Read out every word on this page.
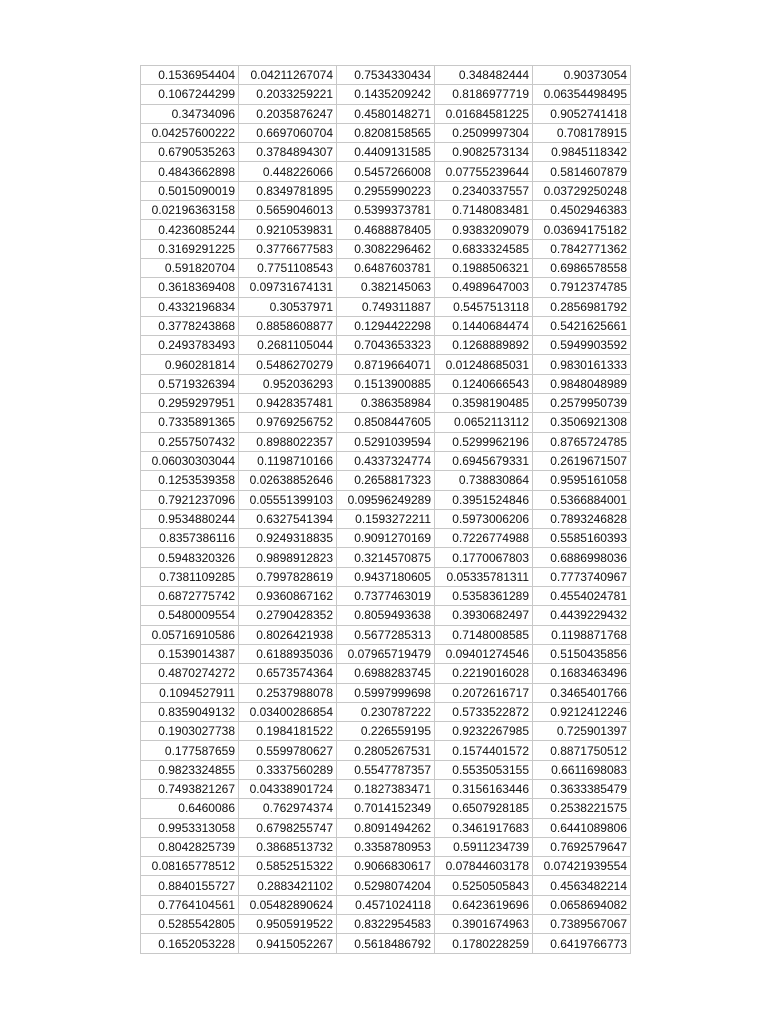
0.1536954404	0.04211267074	0.7534330434	0.348482444	0.90373054
0.1067244299	0.2033259221	0.1435209242	0.8186977719	0.06354498495
0.34734096	0.2035876247	0.4580148271	0.01684581225	0.9052741418
0.04257600222	0.6697060704	0.8208158565	0.2509997304	0.708178915
0.6790535263	0.3784894307	0.4409131585	0.9082573134	0.9845118342
0.4843662898	0.448226066	0.5457266008	0.07755239644	0.5814607879
0.5015090019	0.8349781895	0.2955990223	0.2340337557	0.03729250248
0.02196363158	0.5659046013	0.5399373781	0.7148083481	0.4502946383
0.4236085244	0.9210539831	0.4688878405	0.9383209079	0.03694175182
0.3169291225	0.3776677583	0.3082296462	0.6833324585	0.7842771362
0.591820704	0.7751108543	0.6487603781	0.1988506321	0.6986578558
0.3618369408	0.09731674131	0.382145063	0.4989647003	0.7912374785
0.4332196834	0.30537971	0.749311887	0.5457513118	0.2856981792
0.3778243868	0.8858608877	0.1294422298	0.1440684474	0.5421625661
0.2493783493	0.2681105044	0.7043653323	0.1268889892	0.5949903592
0.960281814	0.5486270279	0.8719664071	0.01248685031	0.9830161333
0.5719326394	0.952036293	0.1513900885	0.1240666543	0.9848048989
0.2959297951	0.9428357481	0.386358984	0.3598190485	0.2579950739
0.7335891365	0.9769256752	0.8508447605	0.0652113112	0.3506921308
0.2557507432	0.8988022357	0.5291039594	0.5299962196	0.8765724785
0.06030303044	0.1198710166	0.4337324774	0.6945679331	0.2619671507
0.1253539358	0.02638852646	0.2658817323	0.738830864	0.9595161058
0.7921237096	0.05551399103	0.09596249289	0.3951524846	0.5366884001
0.9534880244	0.6327541394	0.1593272211	0.5973006206	0.7893246828
0.8357386116	0.9249318835	0.9091270169	0.7226774988	0.5585160393
0.5948320326	0.9898912823	0.3214570875	0.1770067803	0.6886998036
0.7381109285	0.7997828619	0.9437180605	0.05335781311	0.7773740967
0.6872775742	0.9360867162	0.7377463019	0.5358361289	0.4554024781
0.5480009554	0.2790428352	0.8059493638	0.3930682497	0.4439229432
0.05716910586	0.8026421938	0.5677285313	0.7148008585	0.1198871768
0.1539014387	0.6188935036	0.07965719479	0.09401274546	0.5150435856
0.4870274272	0.6573574364	0.6988283745	0.2219016028	0.1683463496
0.1094527911	0.2537988078	0.5997999698	0.2072616717	0.3465401766
0.8359049132	0.03400286854	0.230787222	0.5733522872	0.9212412246
0.1903027738	0.1984181522	0.226559195	0.9232267985	0.725901397
0.177587659	0.5599780627	0.2805267531	0.1574401572	0.8871750512
0.9823324855	0.3337560289	0.5547787357	0.5535053155	0.6611698083
0.7493821267	0.04338901724	0.1827383471	0.3156163446	0.3633385479
0.6460086	0.762974374	0.7014152349	0.6507928185	0.2538221575
0.9953313058	0.6798255747	0.8091494262	0.3461917683	0.6441089806
0.8042825739	0.3868513732	0.3358780953	0.5911234739	0.7692579647
0.08165778512	0.5852515322	0.9066830617	0.07844603178	0.07421939554
0.8840155727	0.2883421102	0.5298074204	0.5250505843	0.4563482214
0.7764104561	0.05482890624	0.4571024118	0.6423619696	0.0658694082
0.5285542805	0.9505919522	0.8322954583	0.3901674963	0.7389567067
0.1652053228	0.9415052267	0.5618486792	0.1780228259	0.6419766773
